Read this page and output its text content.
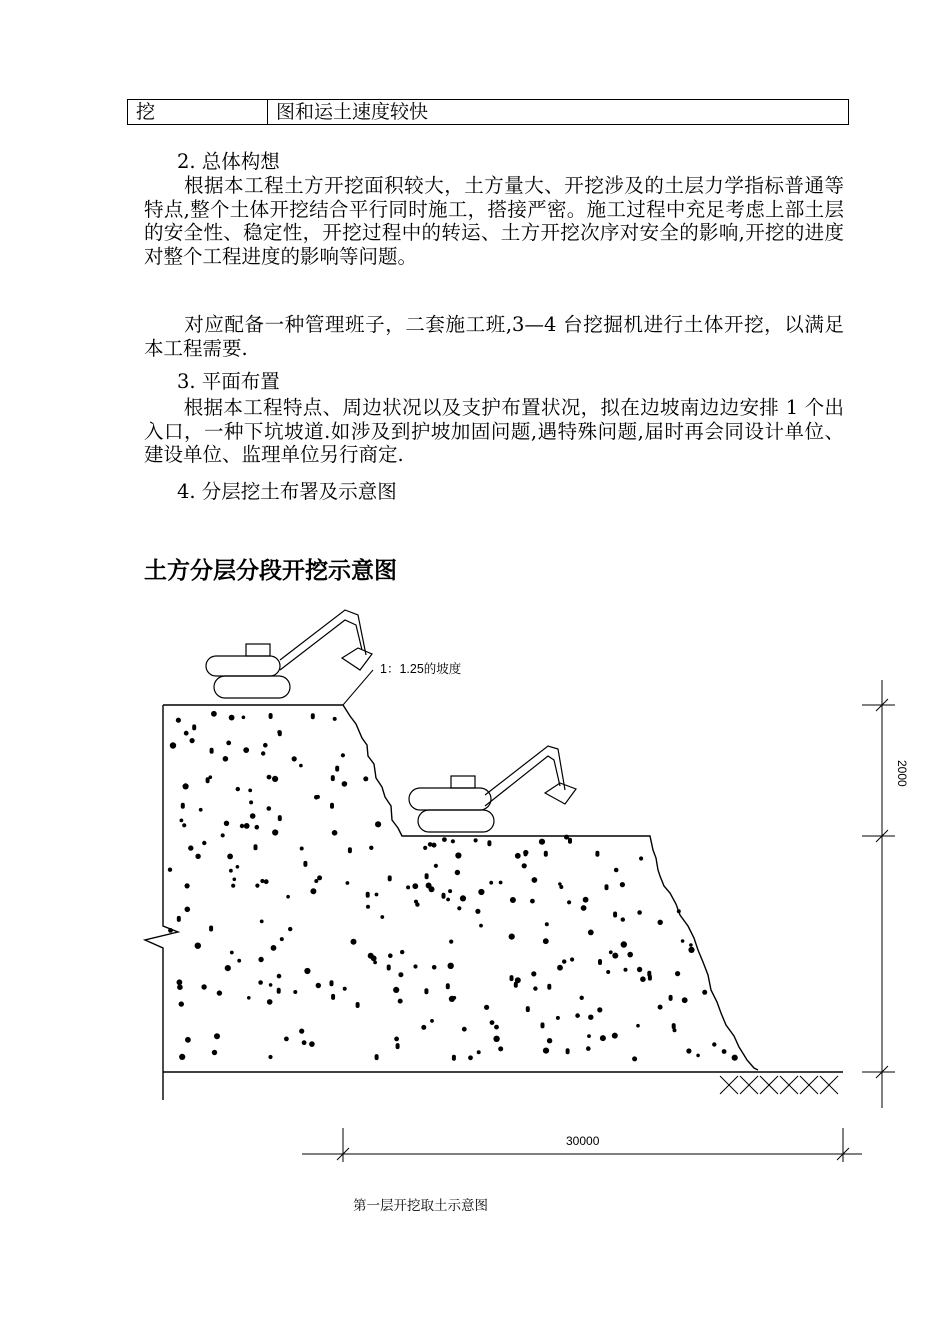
挖	图和运土速度较快

2. 总体构想

　　根据本工程土方开挖面积较大，土方量大、开挖涉及的土层力学指标普通等特点,整个土体开挖结合平行同时施工，搭接严密。施工过程中充足考虑上部土层的安全性、稳定性，开挖过程中的转运、土方开挖次序对安全的影响,开挖的进度对整个工程进度的影响等问题。

　　对应配备一种管理班子，二套施工班,3—4 台挖掘机进行土体开挖，以满足本工程需要.

3. 平面布置

　　根据本工程特点、周边状况以及支护布置状况，拟在边坡南边边安排 1 个出入口，一种下坑坡道.如涉及到护坡加固问题,遇特殊问题,届时再会同设计单位、建设单位、监理单位另行商定.

4. 分层挖土布署及示意图

土方分层分段开挖示意图

1：1.25的坡度
2000
30000
第一层开挖取土示意图
